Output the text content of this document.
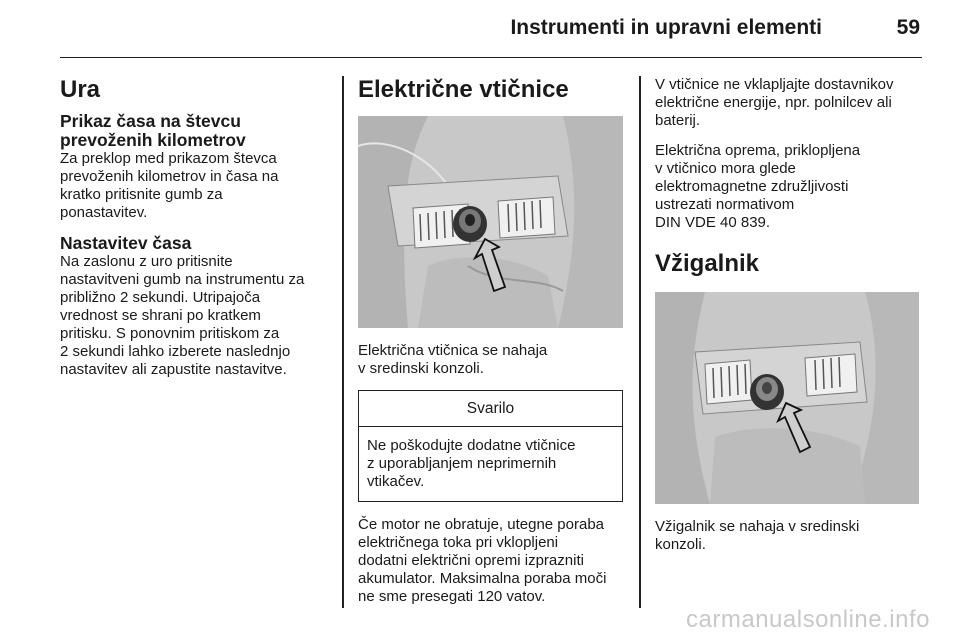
Instrumenti in upravni elementi	59
Ura
Prikaz časa na števcu
prevoženih kilometrov

Za preklop med prikazom števca
prevoženih kilometrov in časa na
kratko pritisnite gumb za
ponastavitev.

Nastavitev časa

Na zaslonu z uro pritisnite
nastavitveni gumb na instrumentu za
približno 2 sekundi. Utripajoča
vrednost se shrani po kratkem
pritisku. S ponovnim pritiskom za
2 sekundi lahko izberete naslednjo
nastavitev ali zapustite nastavitve.

Električne vtičnice

Električna vtičnica se nahaja
v sredinski konzoli.

Svarilo

Ne poškodujte dodatne vtičnice
z uporabljanjem neprimernih
vtikačev.

Če motor ne obratuje, utegne poraba
električnega toka pri vklopljeni
dodatni električni opremi izprazniti
akumulator. Maksimalna poraba moči
ne sme presegati 120 vatov.

V vtičnice ne vklapljajte dostavnikov
električne energije, npr. polnilcev ali
baterij.

Električna oprema, priklopljena
v vtičnico mora glede
elektromagnetne združljivosti
ustrezati normativom
DIN VDE 40 839.

Vžigalnik

Vžigalnik se nahaja v sredinski
konzoli.

carmanualsonline.info
